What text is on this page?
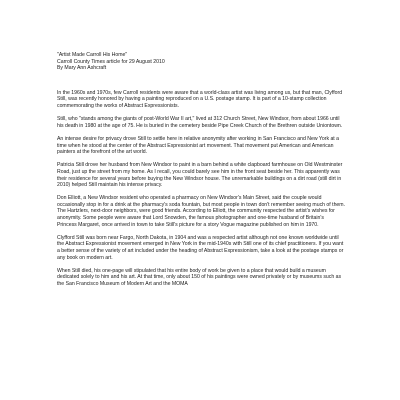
"Artist Made Carroll His Home"

Carroll County Times article for 29 August 2010

By Mary Ann Ashcraft

In the 1960s and 1970s, few Carroll residents were aware that a world-class artist was living among us, but that man, Clyfford Still, was recently honored by having a painting reproduced on a U.S. postage stamp. It is part of a 10-stamp collection commemorating the works of Abstract Expressionists.

Still, who "stands among the giants of post-World War II art," lived at 312 Church Street, New Windsor, from about 1966 until his death in 1980 at the age of 75. He is buried in the cemetery beside Pipe Creek Church of the Brethren outside Uniontown.

An intense desire for privacy drove Still to settle here in relative anonymity after working in San Francisco and New York at a time when he stood at the center of the Abstract Expressionist art movement. That movement put American and American painters at the forefront of the art world.

Patricia Still drove her husband from New Windsor to paint in a barn behind a white clapboard farmhouse on Old Westminster Road, just up the street from my home. As I recall, you could barely see him in the front seat beside her. This apparently was their residence for several years before buying the New Windsor house. The unremarkable buildings on a dirt road (still dirt in 2010) helped Still maintain his intense privacy.

Don Elliott, a New Windsor resident who operated a pharmacy on New Windsor's Main Street, said the couple would occasionally stop in for a drink at the pharmacy's soda fountain, but most people in town don't remember seeing much of them. The Hartzlers, next-door neighbors, were good friends. According to Elliott, the community respected the artist's wishes for anonymity. Some people were aware that Lord Snowden, the famous photographer and one-time husband of Britain's Princess Margaret, once arrived in town to take Still's picture for a story Vogue magazine published on him in 1970.

Clyfford Still was born near Fargo, North Dakota, in 1904 and was a respected artist although not one known worldwide until the Abstract Expressionist movement emerged in New York in the mid-1940s with Still one of its chief practitioners. If you want a better sense of the variety of art included under the heading of Abstract Expressionism, take a look at the postage stamps or any book on modern art.

When Still died, his one-page will stipulated that his entire body of work be given to a place that would build a museum dedicated solely to him and his art. At that time, only about 150 of his paintings were owned privately or by museums such as the San Francisco Museum of Modern Art and the MOMA
